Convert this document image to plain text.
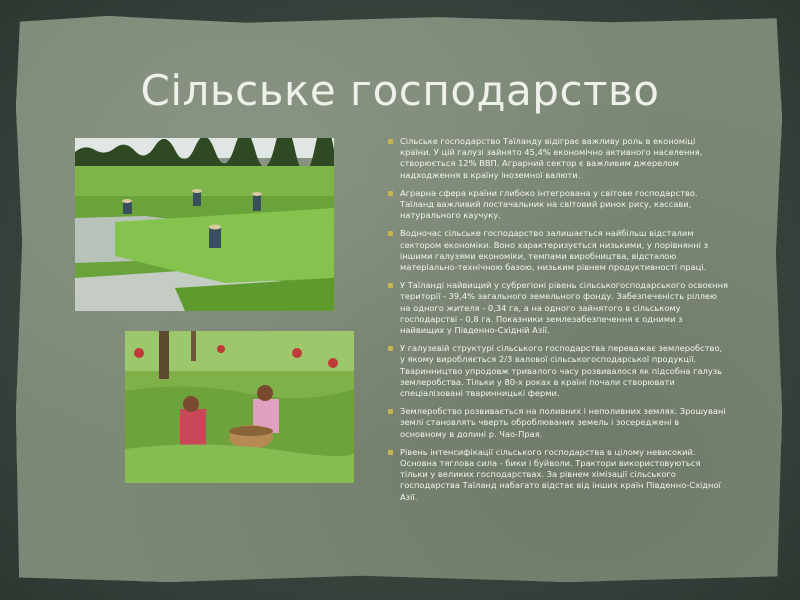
Сільське господарство
Сільське господарство Таїланду відіграє важливу роль в економіці країни. У цій галузі зайнято 45,4% економічно активного населення, створюється 12% ВВП. Аграрний сектор є важливим джерелом надходження в країну іноземної валюти.
Аграрна сфера країни глибоко інтегрована у світове господарство. Таїланд важливий постачальник на світовий ринок рису, кассави, натурального каучуку.
Водночас сільське господарство залишається найбільш відсталим сектором економіки. Воно характеризується низькими, у порівнянні з іншими галузями економіки, темпами виробництва, відсталою матеріально-технічною базою, низьким рівнем продуктивності праці.
У Таїланді найвищий у субрегіоні рівень сільськогосподарського освоєння території - 39,4% загального земельного фонду. Забезпеченість ріллею на одного жителя - 0,34 га, а на одного зайнятого в сільському господарстві - 0,8 га. Показники землезабезпечення є одними з найвищих у Південно-Східній Азії.
У галузевій структурі сільського господарства переважає землеробство, у якому виробляється 2/3 валової сільськогосподарської продукції. Тваринництво упродовж тривалого часу розвивалося як підсобна галузь землеробства. Тільки у 80-х роках в країні почали створювати спеціалізовані тваринницькі ферми.
Землеробство розвивається на поливних і неполивних землях. Зрошувані землі становлять чверть оброблюваних земель і зосереджені в основному в долині р. Чао-Прая.
Рівень інтенсифікації сільського господарства в цілому невисокий. Основна тяглова сила - бики і буйволи. Трактори використовуються тільки у великих господарствах. За рівнем хімізації сільського господарства Таїланд набагато відстає від інших країн Південно-Східної Азії.
